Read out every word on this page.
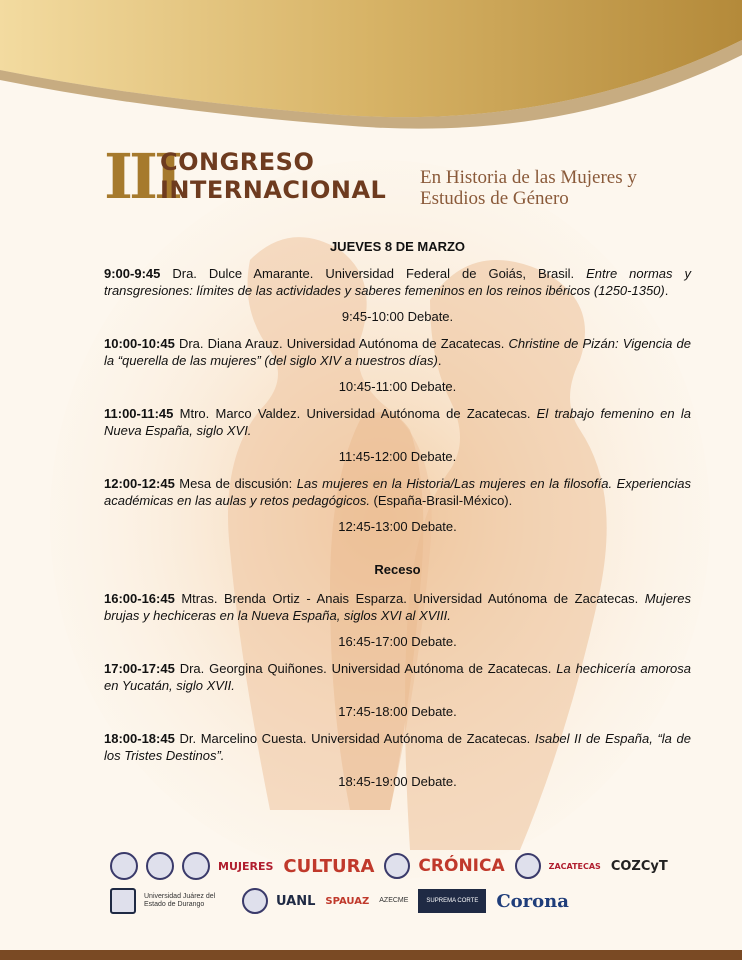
III
CONGRESO
INTERNACIONAL En Historia de las Mujeres y
Estudios de Género
JUEVES 8 DE MARZO
9:00-9:45 Dra. Dulce Amarante. Universidad Federal de Goiás, Brasil. Entre normas y transgresiones: límites de las actividades y saberes femeninos en los reinos ibéricos (1250-1350).
9:45-10:00 Debate.
10:00-10:45 Dra. Diana Arauz. Universidad Autónoma de Zacatecas. Christine de Pizán: Vigencia de la “querella de las mujeres” (del siglo XIV a nuestros días).
10:45-11:00 Debate.
11:00-11:45 Mtro. Marco Valdez. Universidad Autónoma de Zacatecas. El trabajo femenino en la Nueva España, siglo XVI.
11:45-12:00 Debate.
12:00-12:45 Mesa de discusión: Las mujeres en la Historia/Las mujeres en la filosofía. Experiencias académicas en las aulas y retos pedagógicos. (España-Brasil-México).
12:45-13:00 Debate.
Receso
16:00-16:45 Mtras. Brenda Ortiz - Anais Esparza. Universidad Autónoma de Zacatecas. Mujeres brujas y hechiceras en la Nueva España, siglos XVI al XVIII.
16:45-17:00 Debate.
17:00-17:45 Dra. Georgina Quiñones. Universidad Autónoma de Zacatecas. La hechicería amorosa en Yucatán, siglo XVII.
17:45-18:00 Debate.
18:00-18:45 Dr. Marcelino Cuesta. Universidad Autónoma de Zacatecas. Isabel II de España, “la de los Tristes Destinos”.
18:45-19:00 Debate.
MUJERES CULTURA	CRÓNICA	ZACATECAS COZCyT
Universidad Juárez del Estado de Durango	UANL SPAUAZ AZECME	SUPREMA CORTE	Corona
